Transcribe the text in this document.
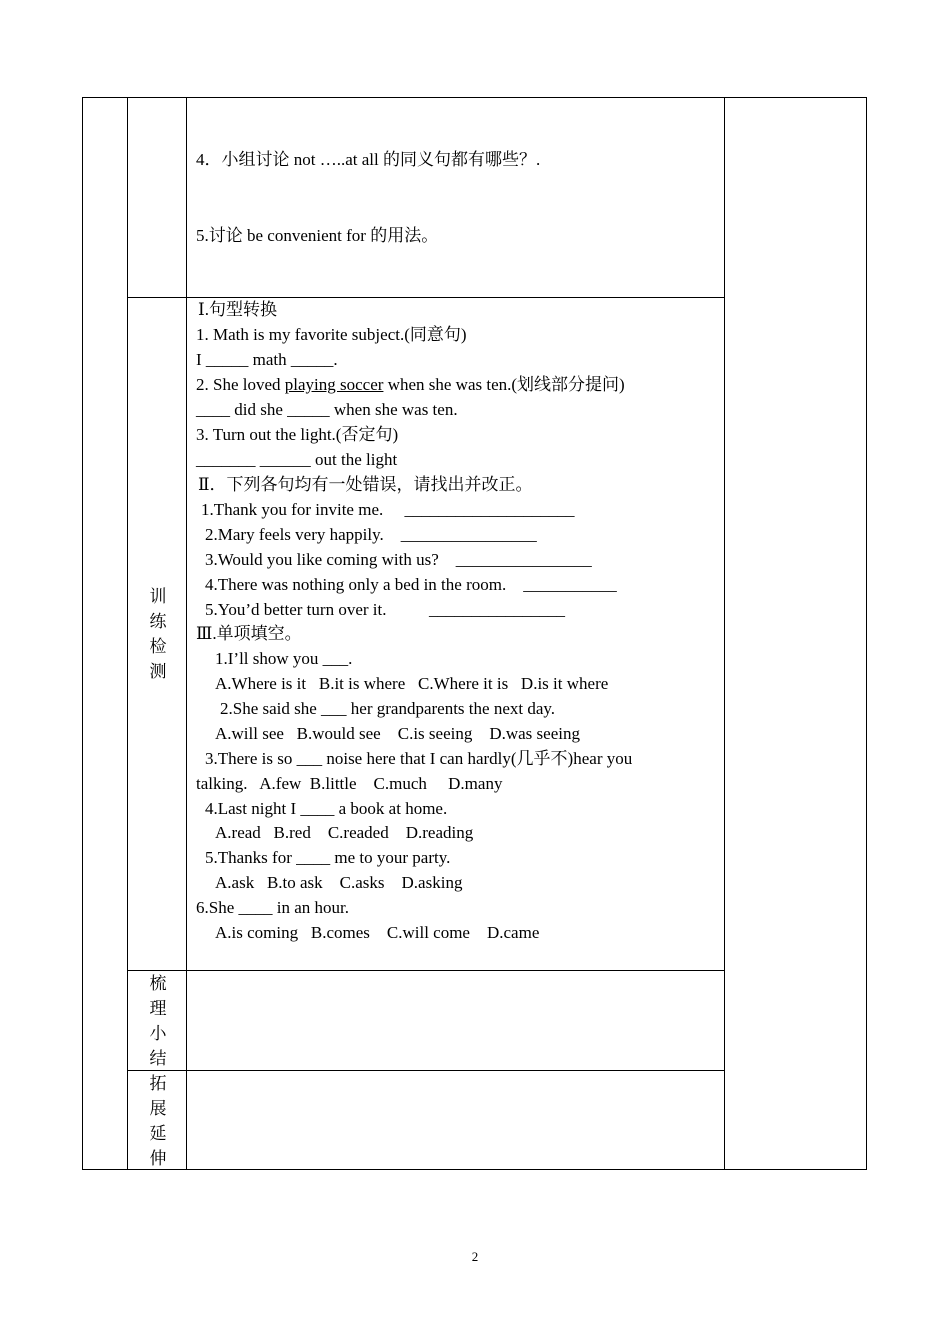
4．小组讨论 not …..at all 的同义句都有哪些？.
5.讨论 be convenient for 的用法。
训
练
检
测
Ⅰ.句型转换
1. Math is my favorite subject.(同意句)
I _____ math _____.
2. She loved playing soccer when she was ten.(划线部分提问)
____ did she _____ when she was ten.
3. Turn out the light.(否定句)
_______ ______ out the light
Ⅱ．下列各句均有一处错误，请找出并改正。
1.Thank you for invite me.     ____________________
2.Mary feels very happily.    ________________
3.Would you like coming with us?    ________________
4.There was nothing only a bed in the room.    ___________
5.You’d better turn over it.          ________________
Ⅲ.单项填空。
1.I’ll show you ___.
A.Where is it   B.it is where   C.Where it is   D.is it where
2.She said she ___ her grandparents the next day.
A.will see   B.would see    C.is seeing    D.was seeing
3.There is so ___ noise here that I can hardly(几乎不)hear you
talking.   A.few  B.little    C.much     D.many
4.Last night I ____ a book at home.
A.read   B.red    C.readed    D.reading
5.Thanks for ____ me to your party.
A.ask   B.to ask    C.asks    D.asking
6.She ____ in an hour.
A.is coming   B.comes    C.will come    D.came
梳
理
小
结
拓
展
延
伸
2
